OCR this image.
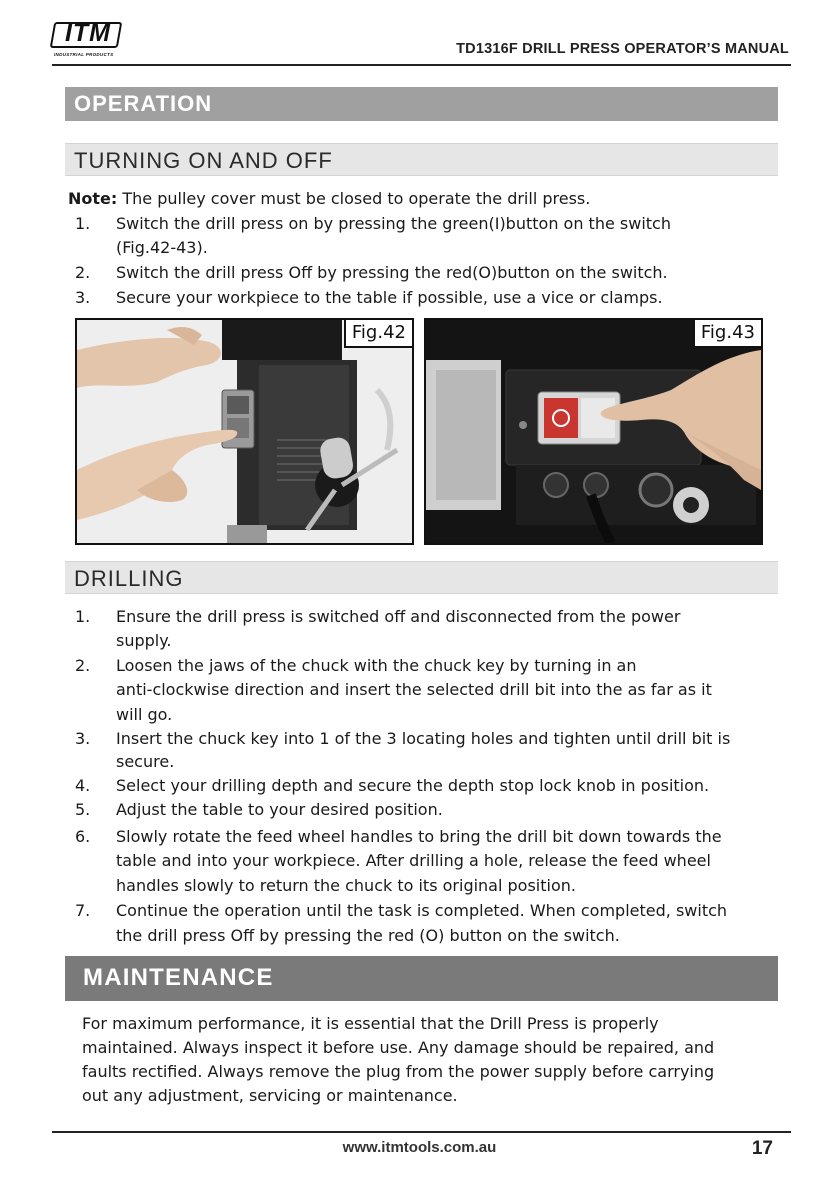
ITM
INDUSTRIAL PRODUCTS	TD1316F DRILL PRESS OPERATOR’S MANUAL
OPERATION
TURNING ON AND OFF
Note: The pulley cover must be closed to operate the drill press.
1. Switch the drill press on by pressing the green(I)button on the switch
(Fig.42-43).
2. Switch the drill press Off by pressing the red(O)button on the switch.
3. Secure your workpiece to the table if possible, use a vice or clamps.
Fig.42	Fig.43
DRILLING
1. Ensure the drill press is switched off and disconnected from the power
supply.
2. Loosen the jaws of the chuck with the chuck key by turning in an
anti-clockwise direction and insert the selected drill bit into the as far as it
will go.
3. Insert the chuck key into 1 of the 3 locating holes and tighten until drill bit is
secure.
4. Select your drilling depth and secure the depth stop lock knob in position.
5. Adjust the table to your desired position.
6. Slowly rotate the feed wheel handles to bring the drill bit down towards the
table and into your workpiece. After drilling a hole, release the feed wheel
handles slowly to return the chuck to its original position.
7. Continue the operation until the task is completed. When completed, switch
the drill press Off by pressing the red (O) button on the switch.
MAINTENANCE
For maximum performance, it is essential that the Drill Press is properly
maintained. Always inspect it before use. Any damage should be repaired, and
faults rectified. Always remove the plug from the power supply before carrying
out any adjustment, servicing or maintenance.
www.itmtools.com.au	17
